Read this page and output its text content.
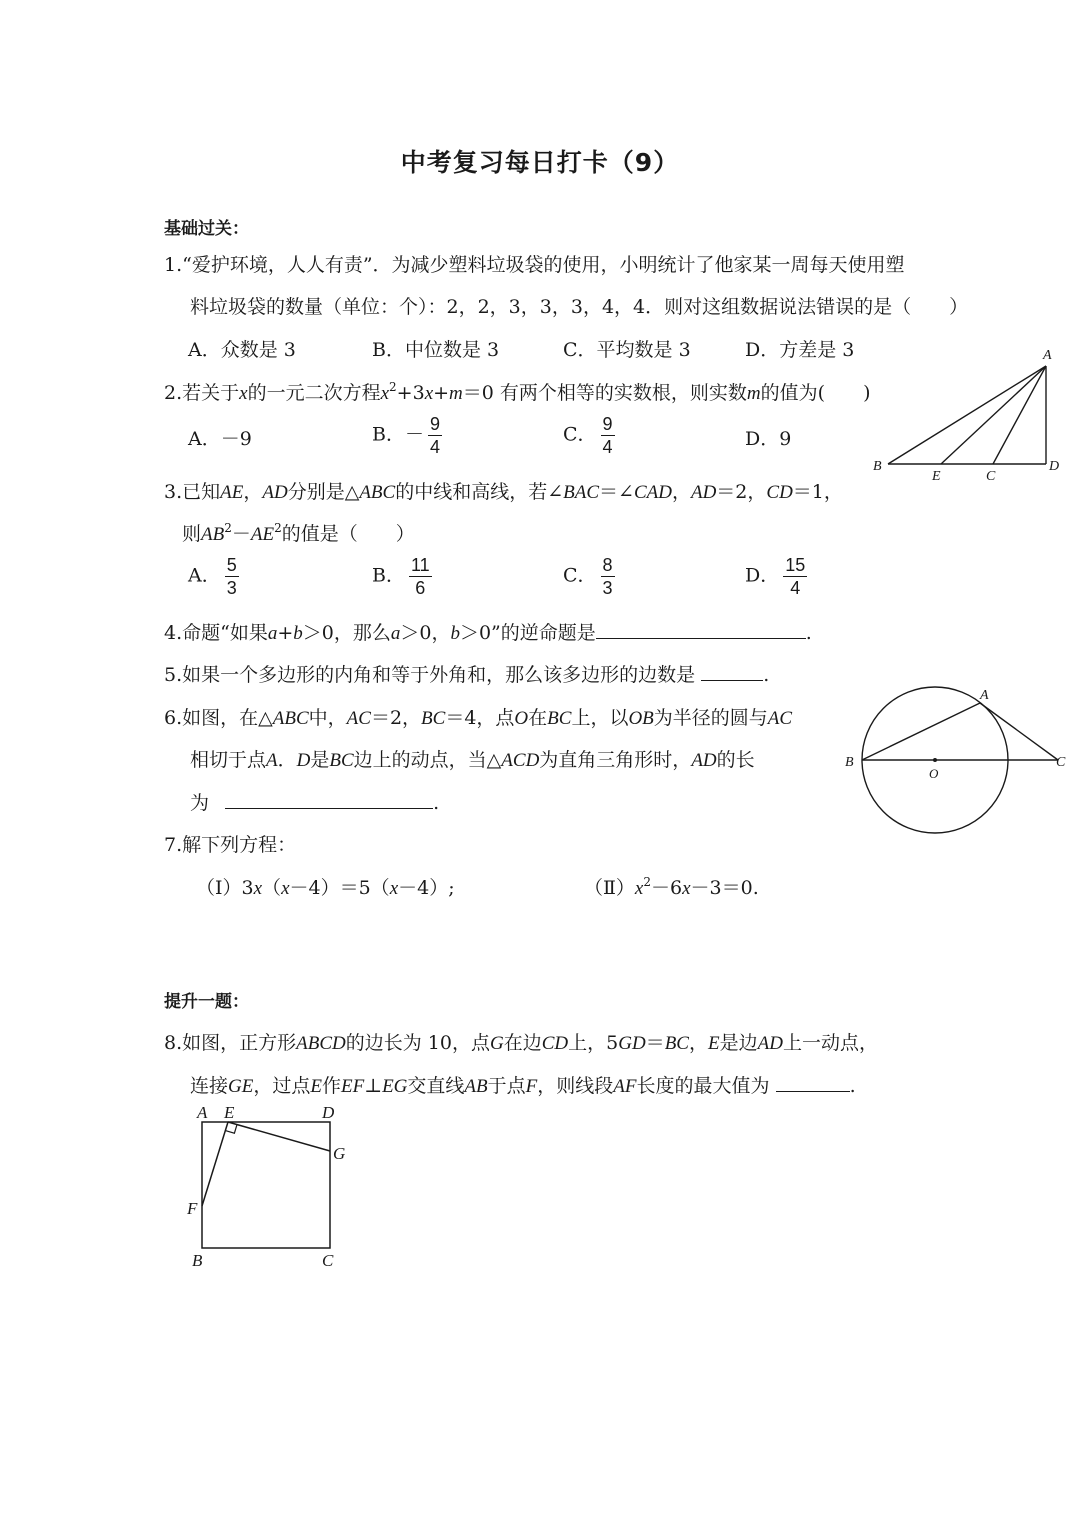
中考复习每日打卡（9）
基础过关：
1.“爱护环境，人人有责”．为减少塑料垃圾袋的使用，小明统计了他家某一周每天使用塑
料垃圾袋的数量（单位：个）：2，2，3，3，3，4，4．则对这组数据说法错误的是（　　）
A．众数是 3	B．中位数是 3	C．平均数是 3	D．方差是 3
2.若关于x的一元二次方程$x^2+3x+m=0$ 有两个相等的实数根，则实数m的值为(　　)
A．－9	B．－ $\frac{9}{4}$	C． $\frac{9}{4}$	D．9
A
B
E	C
D
3.已知AE，AD分别是△ABC的中线和高线，若∠BAC＝∠CAD，AD＝2，CD＝1，
则$AB^2-AE^2$的值是（　　）
A． $\frac{5}{3}$	B． $\frac{11}{6}$	C． $\frac{8}{3}$	D． $\frac{15}{4}$
4.命题“如果a+b＞0，那么a＞0，b＞0”的逆命题是	.
5.如果一个多边形的内角和等于外角和，那么该多边形的边数是	.
6.如图，在△ABC中，AC＝2，BC＝4，点O在BC上，以OB为半径的圆与AC
相切于点A．D是BC边上的动点，当△ACD为直角三角形时，AD的长
为	.
A
B
O
C
7.解下列方程：
（Ⅰ）3x（x－4）＝5（x－4）;	$(Ⅱ)x^2-6x-3=0$.
提升一题：
8.如图，正方形ABCD的边长为 10，点G在边CD上，5GD＝BC，E是边AD上一动点，
连接GE，过点E作EF⊥EG交直线AB于点F，则线段AF长度的最大值为	.
A E	D
G
F
B	C
